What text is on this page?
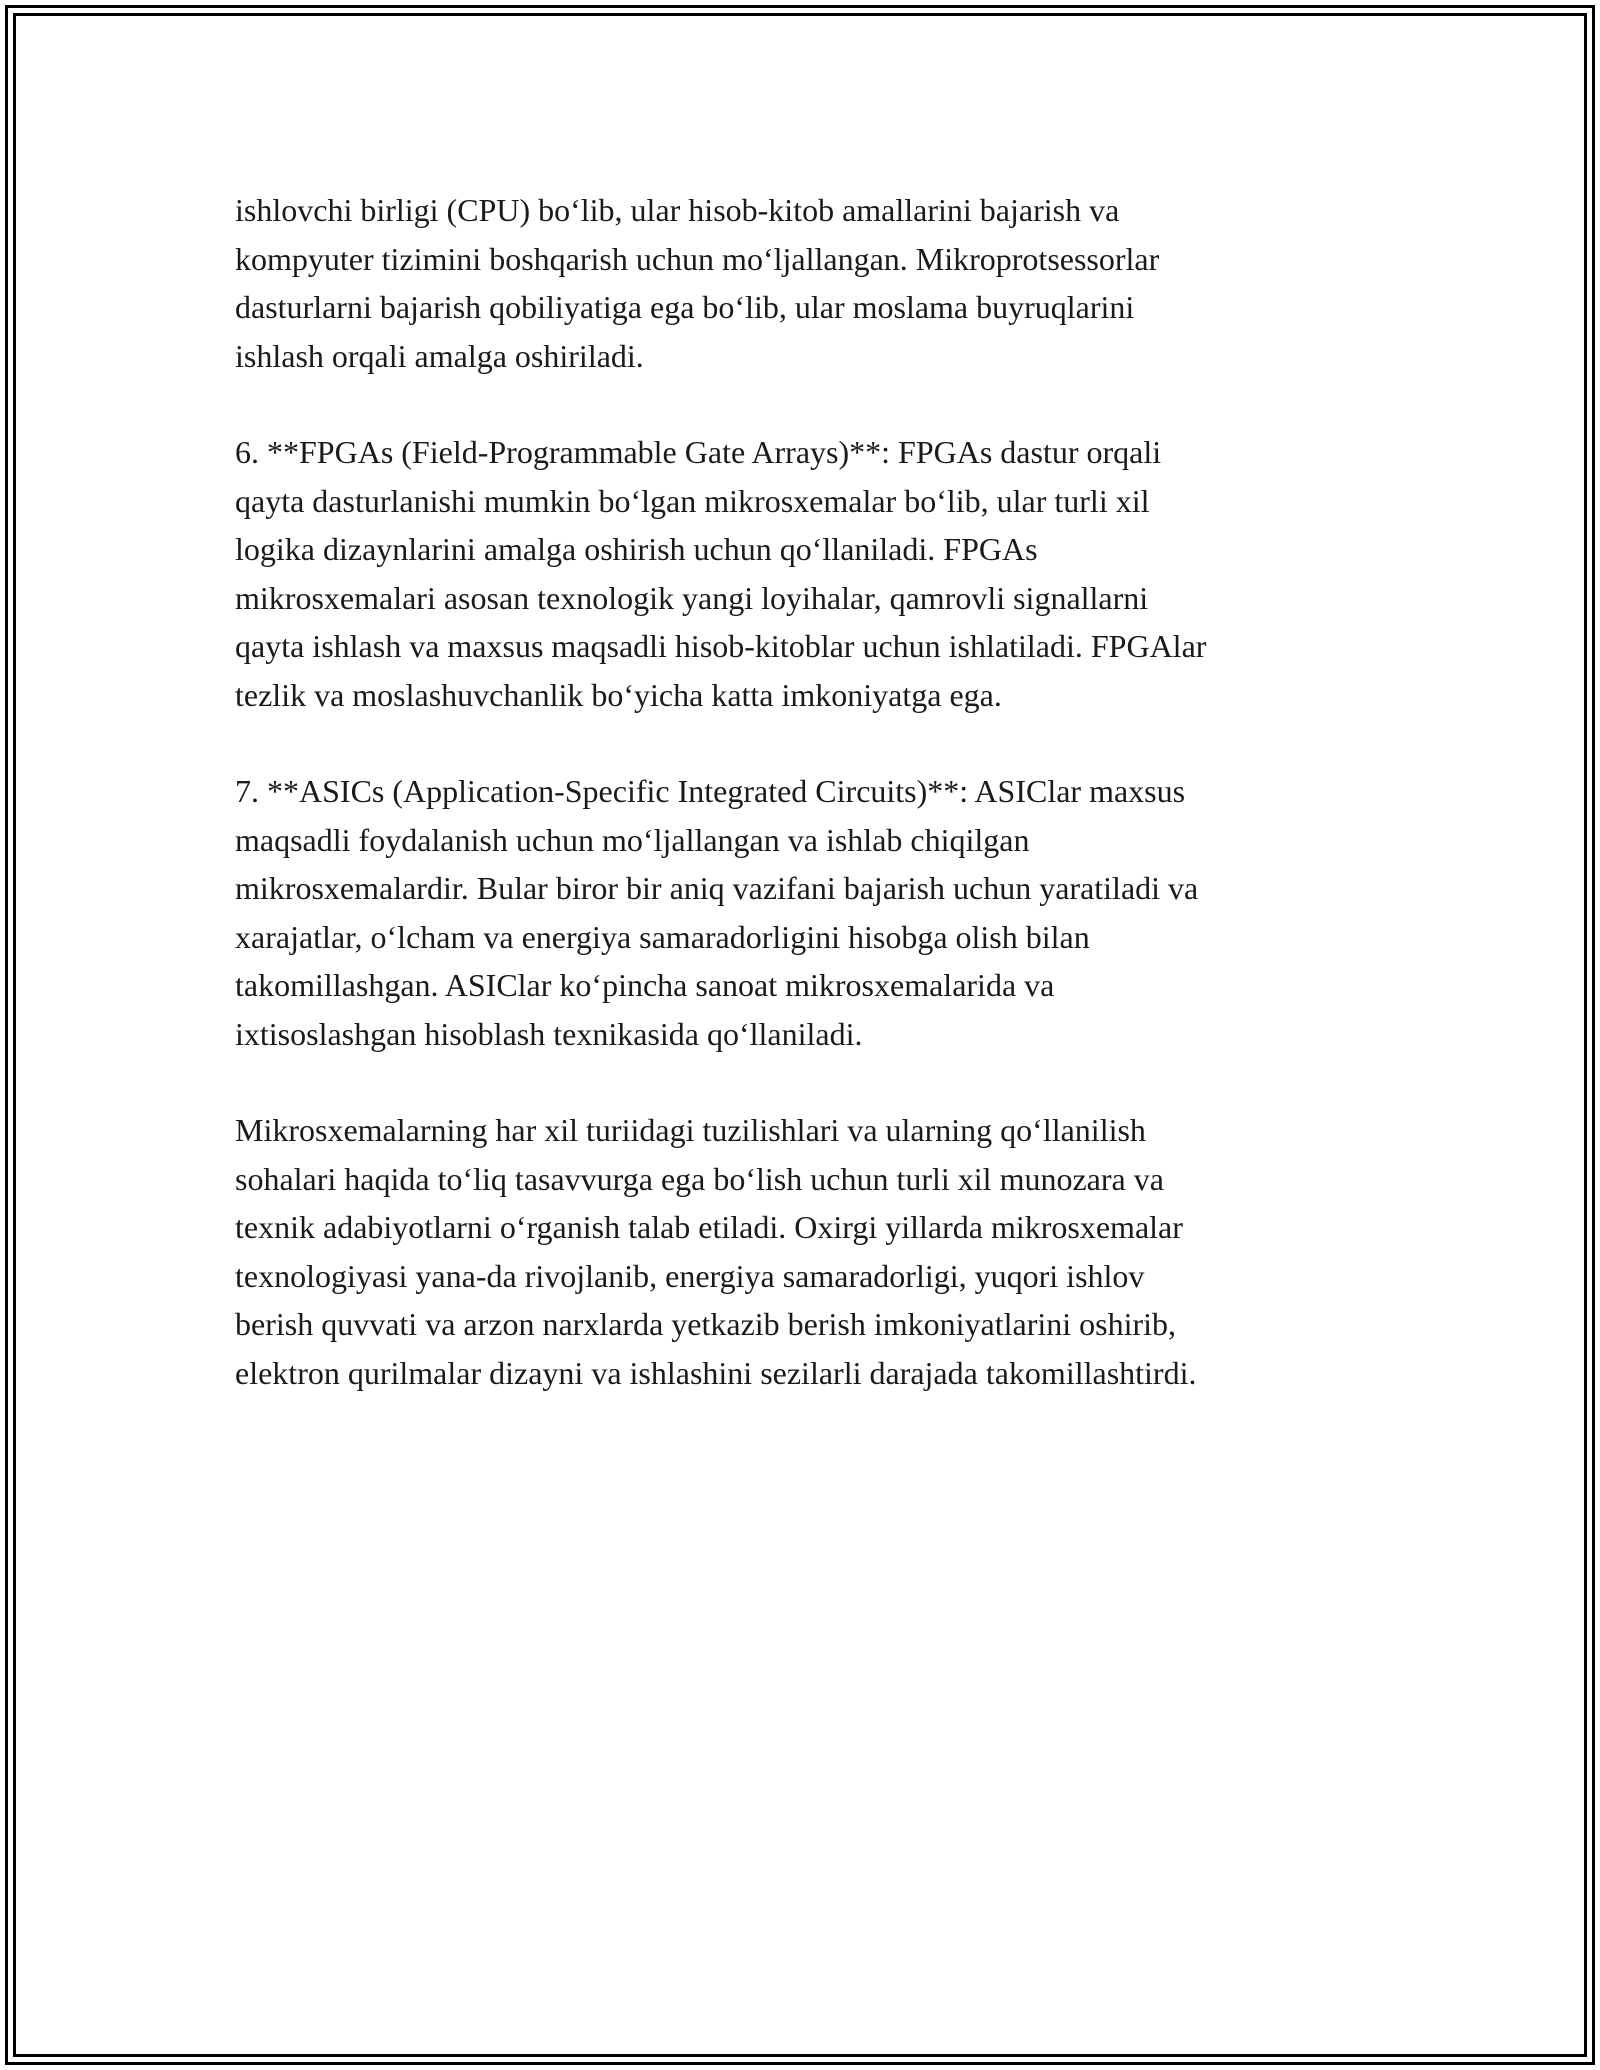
ishlovchi birligi (CPU) bo‘lib, ular hisob-kitob amallarini bajarish va
kompyuter tizimini boshqarish uchun mo‘ljallangan. Mikroprotsessorlar
dasturlarni bajarish qobiliyatiga ega bo‘lib, ular moslama buyruqlarini
ishlash orqali amalga oshiriladi.

6. **FPGAs (Field-Programmable Gate Arrays)**: FPGAs dastur orqali
qayta dasturlanishi mumkin bo‘lgan mikrosxemalar bo‘lib, ular turli xil
logika dizaynlarini amalga oshirish uchun qo‘llaniladi. FPGAs
mikrosxemalari asosan texnologik yangi loyihalar, qamrovli signallarni
qayta ishlash va maxsus maqsadli hisob-kitoblar uchun ishlatiladi. FPGAlar
tezlik va moslashuvchanlik bo‘yicha katta imkoniyatga ega.

7. **ASICs (Application-Specific Integrated Circuits)**: ASIClar maxsus
maqsadli foydalanish uchun mo‘ljallangan va ishlab chiqilgan
mikrosxemalardir. Bular biror bir aniq vazifani bajarish uchun yaratiladi va
xarajatlar, o‘lcham va energiya samaradorligini hisobga olish bilan
takomillashgan. ASIClar ko‘pincha sanoat mikrosxemalarida va
ixtisoslashgan hisoblash texnikasida qo‘llaniladi.

Mikrosxemalarning har xil turiidagi tuzilishlari va ularning qo‘llanilish
sohalari haqida to‘liq tasavvurga ega bo‘lish uchun turli xil munozara va
texnik adabiyotlarni o‘rganish talab etiladi. Oxirgi yillarda mikrosxemalar
texnologiyasi yana-da rivojlanib, energiya samaradorligi, yuqori ishlov
berish quvvati va arzon narxlarda yetkazib berish imkoniyatlarini oshirib,
elektron qurilmalar dizayni va ishlashini sezilarli darajada takomillashtirdi.
